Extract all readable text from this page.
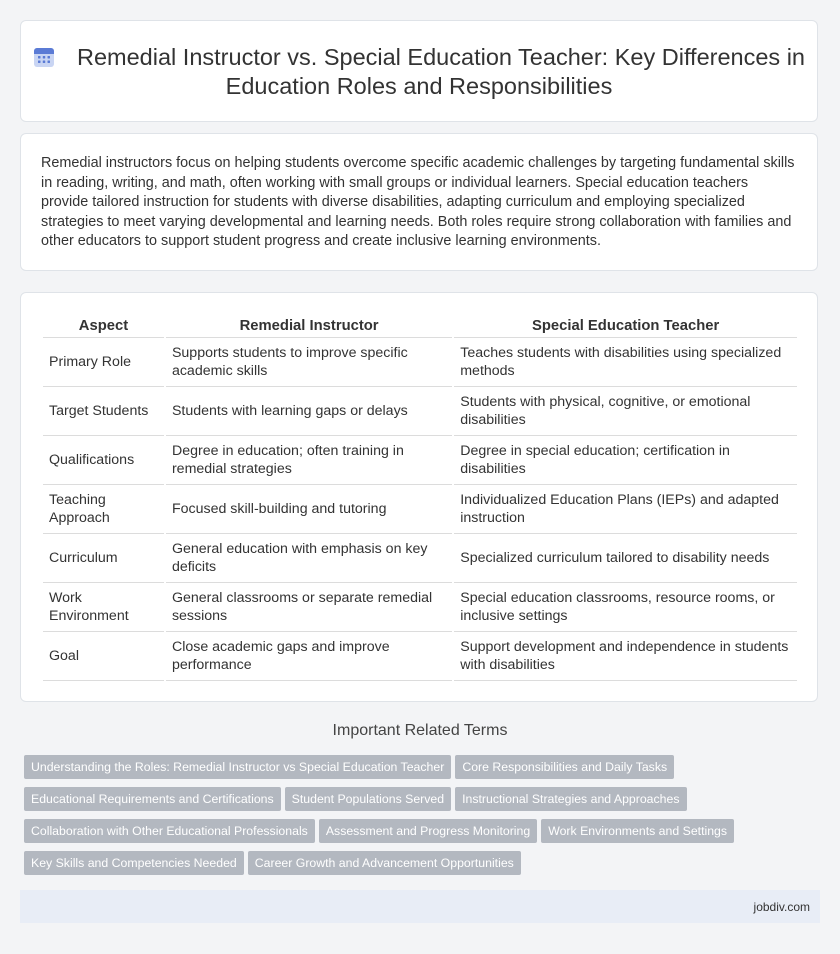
Remedial Instructor vs. Special Education Teacher: Key Differences in Education Roles and Responsibilities

Remedial instructors focus on helping students overcome specific academic challenges by targeting fundamental skills in reading, writing, and math, often working with small groups or individual learners. Special education teachers provide tailored instruction for students with diverse disabilities, adapting curriculum and employing specialized strategies to meet varying developmental and learning needs. Both roles require strong collaboration with families and other educators to support student progress and create inclusive learning environments.

Aspect	Remedial Instructor	Special Education Teacher
Primary Role	Supports students to improve specific academic skills	Teaches students with disabilities using specialized methods
Target Students	Students with learning gaps or delays	Students with physical, cognitive, or emotional disabilities
Qualifications	Degree in education; often training in remedial strategies	Degree in special education; certification in disabilities
Teaching Approach	Focused skill-building and tutoring	Individualized Education Plans (IEPs) and adapted instruction
Curriculum	General education with emphasis on key deficits	Specialized curriculum tailored to disability needs
Work Environment	General classrooms or separate remedial sessions	Special education classrooms, resource rooms, or inclusive settings
Goal	Close academic gaps and improve performance	Support development and independence in students with disabilities
Important Related Terms
Understanding the Roles: Remedial Instructor vs Special Education Teacher Core Responsibilities and Daily Tasks
Educational Requirements and Certifications Student Populations Served Instructional Strategies and Approaches
Collaboration with Other Educational Professionals Assessment and Progress Monitoring Work Environments and Settings
Key Skills and Competencies Needed Career Growth and Advancement Opportunities
jobdiv.com
